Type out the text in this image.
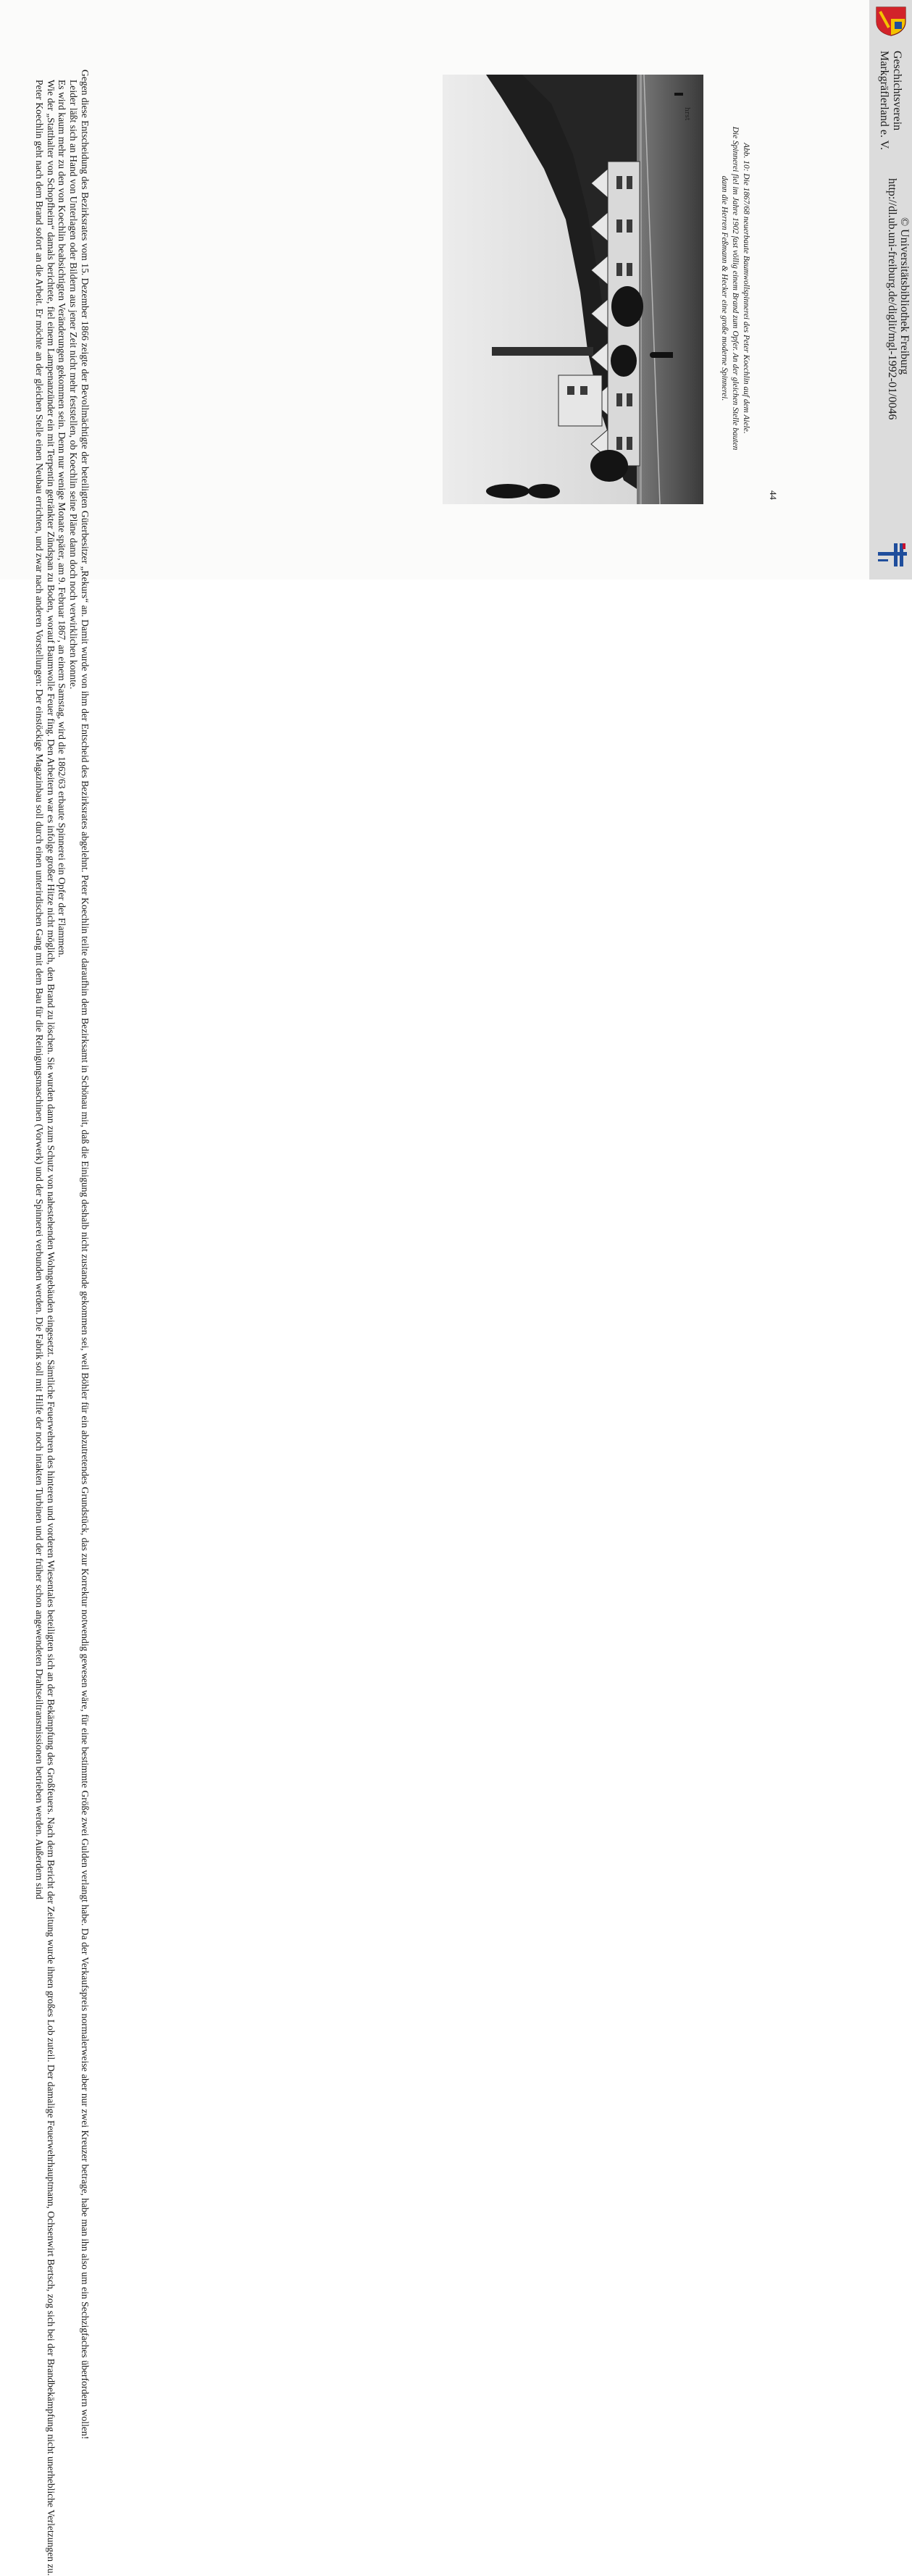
Gegen diese Entscheidung des Bezirksrates vom 15. Dezember 1866 zeigte der Bevollmächtigte der beteiligten Güterbesitzer „Rekurs“ an. Damit wurde von ihm der Entscheid des Bezirksrates abgelehnt. Peter Koechlin teilte daraufhin dem Bezirksamt in Schönau mit, daß die Einigung deshalb nicht zustande gekommen sei, weil Böhler für ein abzutretendes Grundstück, das zur Korrektur notwendig gewesen wäre, für eine bestimmte Größe zwei Gulden verlangt habe. Da der Verkaufspreis normalerweise aber nur zwei Kreuzer betrage, habe man ihn also um ein Sechzigfaches überfordern wollen!

Leider läßt sich an Hand von Unterlagen oder Bildern aus jener Zeit nicht mehr feststellen, ob Koechlin seine Pläne dann doch noch verwirklichen konnte.

Es wird kaum mehr zu den von Koechlin beabsichtigten Veränderungen gekommen sein. Denn nur wenige Monate später, am 9. Februar 1867, an einem Samstag, wird die 1862/63 erbaute Spinnerei ein Opfer der Flammen.

Wie der „Statthalter von Schopfheim“ damals berichtete, fiel einem Lampenanzünder ein mit Terpentin getränkter Zündspan zu Boden, worauf Baumwolle Feuer fing. Den Arbeitern war es infolge großer Hitze nicht möglich, den Brand zu löschen. Sie wurden dann zum Schutz von nahestehenden Wohngebäuden eingesetzt. Sämtliche Feuerwehren des hinteren und vorderen Wiesentales beteiligten sich an der Bekämpfung des Großfeuers. Nach dem Bericht der Zeitung wurde ihnen großes Lob zuteil. Der damalige Feuerwehrhauptmann, Ochsenwirt Bertsch, zog sich bei der Brandbekämpfung nicht unerhebliche Verletzungen zu.

Peter Koechlin geht nach dem Brand sofort an die Arbeit. Er möchte an der gleichen Stelle einen Neubau errichten, und zwar nach anderen Vorstellungen: Der einstöckige Magazinbau soll durch einen unterirdischen Gang mit dem Bau für die Reinigungsmaschinen (Vorwerk) und der Spinnerei verbunden werden. Die Fabrik soll mit Hilfe der noch intakten Turbinen und der früher schon angewendeten Drahtseiltransmissionen betrieben werden. Außerdem sind	hrst

Abb. 10: Die 1867/68 neuerbaute Baumwollspinnerei des Peter Koechlin auf dem Aiele.

Die Spinnerei fiel im Jahre 1902 fast völlig einem Brand zum Opfer. An der gleichen Stelle bauten

dann die Herren Feßmann & Hecker eine große moderne Spinnerei.

44
Geschichtsverein
Markgräflerland e. V.
http://dl.ub.uni-freiburg.de/diglit/mgl-1992-01/0046 © Universitätsbibliothek Freiburg
